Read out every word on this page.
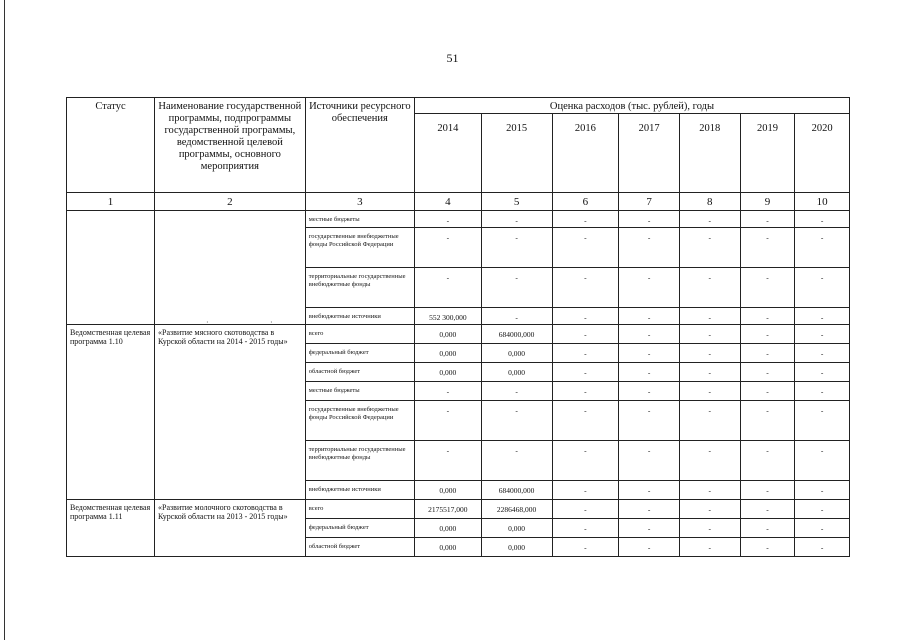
51
Статус	Наименование государственной программы, подпрограммы государственной программы, ведомственной целевой программы, основного мероприятия	Источники ресурсного обеспечения	Оценка расходов (тыс. рублей), годы						
			2014	2015	2016	2017	2018	2019	2020
1	2	3	4	5	6	7	8	9	10
		местные бюджеты	-	-	-	-	-	-	-
		государственные внебюджетные фонды Российской Федерации	-	-	-	-	-	-	-
		территориальные государственные внебюджетные фонды	-	-	-	-	-	-	-
		внебюджетные источники	552 300,000	-	-	-	-	-	-
Ведомственная целевая программа 1.10	«Развитие мясного скотоводства в Курской области на 2014 - 2015 годы»	всего	0,000	684000,000	-	-	-	-	-
		федеральный бюджет	0,000	0,000	-	-	-	-	-
		областной бюджет	0,000	0,000	-	-	-	-	-
		местные бюджеты	-	-	-	-	-	-	-
		государственные внебюджетные фонды Российской Федерации	-	-	-	-	-	-	-
		территориальные государственные внебюджетные фонды	-	-	-	-	-	-	-
		внебюджетные источники	0,000	684000,000	-	-	-	-	-
Ведомственная целевая программа 1.11	«Развитие молочного скотоводства в Курской области на 2013 - 2015 годы»	всего	2175517,000	2286468,000	-	-	-	-	-
		федеральный бюджет	0,000	0,000	-	-	-	-	-
		областной бюджет	0,000	0,000	-	-	-	-	-
·	·
